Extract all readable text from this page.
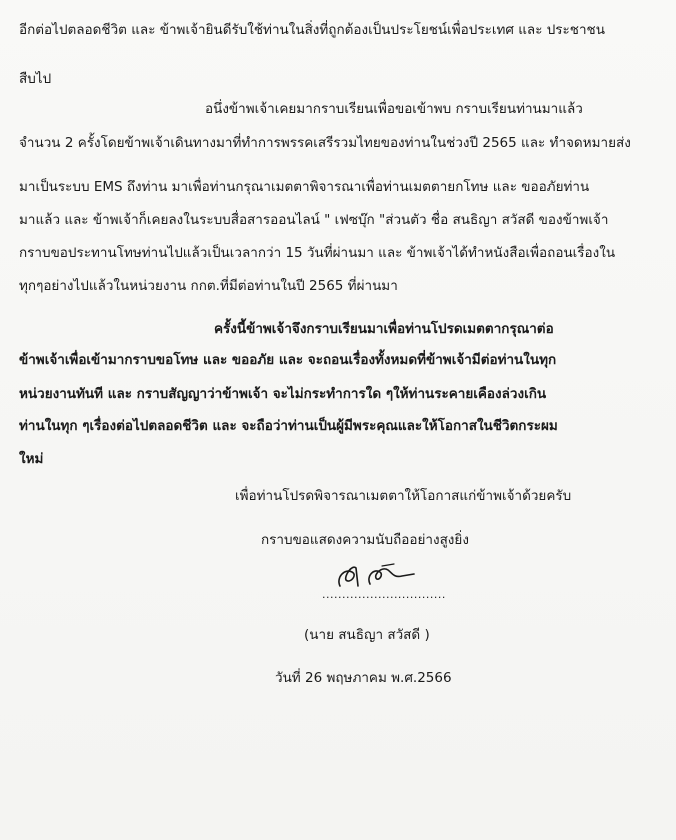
อีกต่อไปตลอดชีวิต และ ข้าพเจ้ายินดีรับใช้ท่านในสิ่งที่ถูกต้องเป็นประโยชน์เพื่อประเทศ และ ประชาชน
สืบไป
อนึ่งข้าพเจ้าเคยมากราบเรียนเพื่อขอเข้าพบ กราบเรียนท่านมาแล้ว
จำนวน 2 ครั้งโดยข้าพเจ้าเดินทางมาที่ทำการพรรคเสรีรวมไทยของท่านในช่วงปี 2565 และ ทำจดหมายส่ง
มาเป็นระบบ EMS ถึงท่าน มาเพื่อท่านกรุณาเมตตาพิจารณาเพื่อท่านเมตตายกโทษ และ ขออภัยท่าน
มาแล้ว และ ข้าพเจ้าก็เคยลงในระบบสื่อสารออนไลน์ " เฟซบุ๊ก "ส่วนตัว ชื่อ สนธิญา สวัสดี ของข้าพเจ้า
กราบขอประทานโทษท่านไปแล้วเป็นเวลากว่า 15 วันที่ผ่านมา และ ข้าพเจ้าได้ทำหนังสือเพื่อถอนเรื่องใน
ทุกๆอย่างไปแล้วในหน่วยงาน กกต.ที่มีต่อท่านในปี 2565 ที่ผ่านมา
ครั้งนี้ข้าพเจ้าจึงกราบเรียนมาเพื่อท่านโปรดเมตตากรุณาต่อ
ข้าพเจ้าเพื่อเข้ามากราบขอโทษ และ ขออภัย และ จะถอนเรื่องทั้งหมดที่ข้าพเจ้ามีต่อท่านในทุก
หน่วยงานทันที และ กราบสัญญาว่าข้าพเจ้า จะไม่กระทำการใด ๆให้ท่านระคายเคืองล่วงเกิน
ท่านในทุก ๆเรื่องต่อไปตลอดชีวิต และ จะถือว่าท่านเป็นผู้มีพระคุณและให้โอกาสในชีวิตกระผม
ใหม่
เพื่อท่านโปรดพิจารณาเมตตาให้โอกาสแก่ข้าพเจ้าด้วยครับ
กราบขอแสดงความนับถืออย่างสูงยิ่ง
...............................
(นาย สนธิญา สวัสดี )
วันที่ 26 พฤษภาคม พ.ศ.2566
